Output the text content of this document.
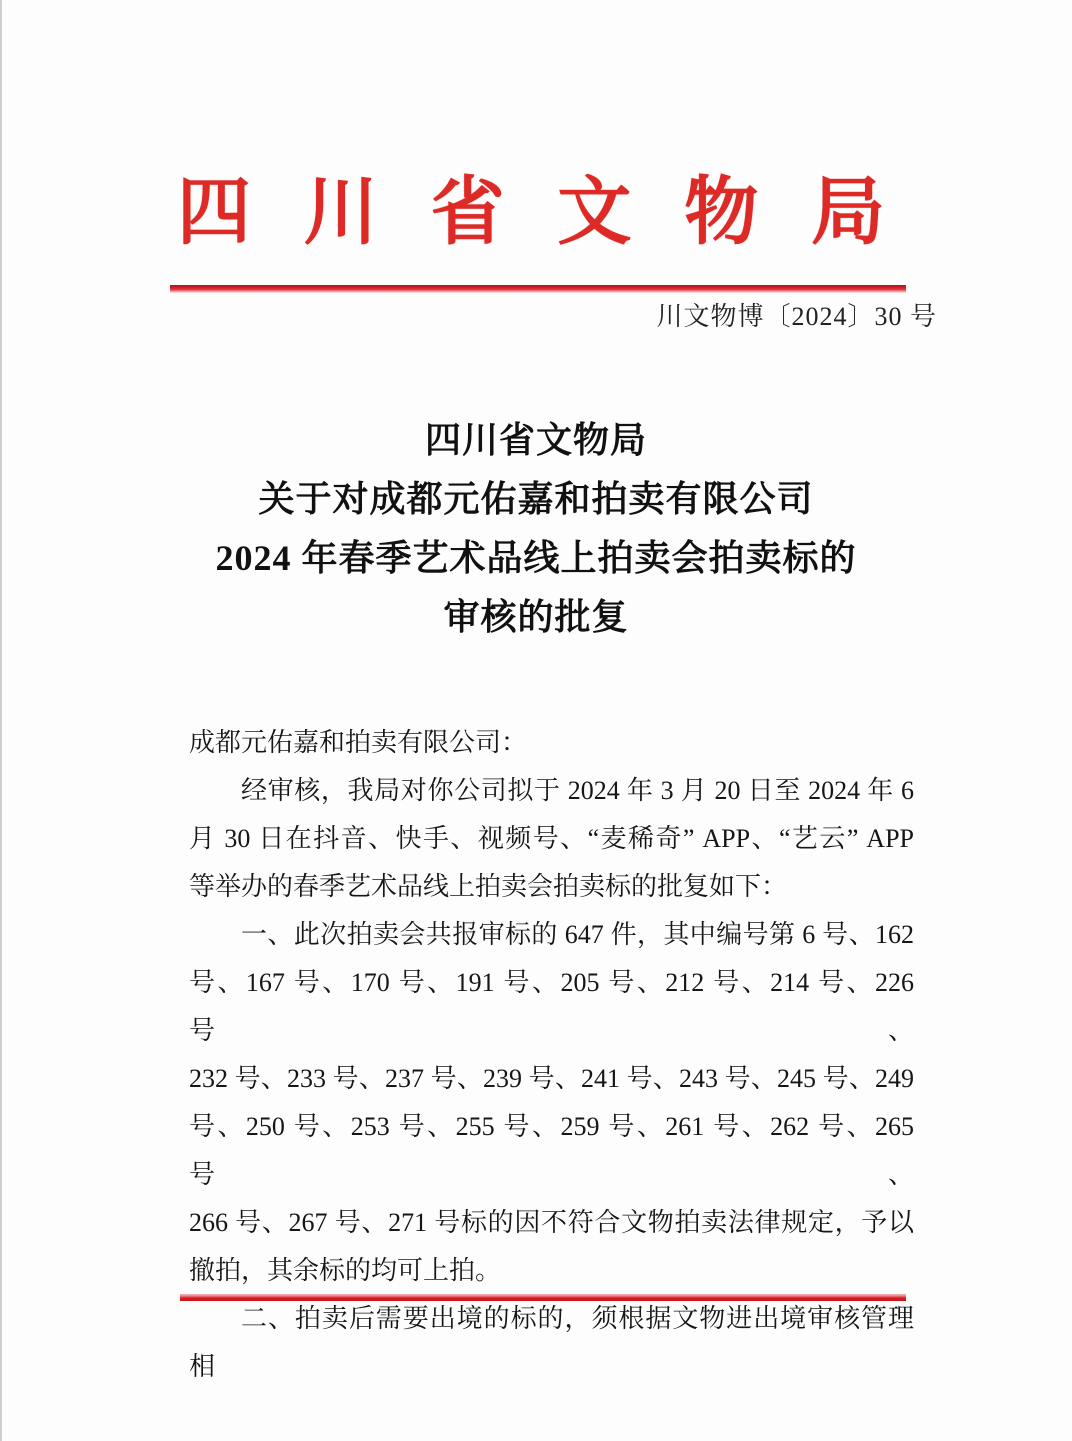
四 川 省 文 物 局
川文物博〔2024〕30 号
四川省文物局
关于对成都元佑嘉和拍卖有限公司
2024 年春季艺术品线上拍卖会拍卖标的
审核的批复
成都元佑嘉和拍卖有限公司：
经审核，我局对你公司拟于 2024 年 3 月 20 日至 2024 年 6
月 30 日在抖音、快手、视频号、“麦稀奇” APP、“艺云” APP
等举办的春季艺术品线上拍卖会拍卖标的批复如下：
一、此次拍卖会共报审标的 647 件，其中编号第 6 号、162
号、167 号、170 号、191 号、205 号、212 号、214 号、226 号、
232 号、233 号、237 号、239 号、241 号、243 号、245 号、249
号、250 号、253 号、255 号、259 号、261 号、262 号、265 号、
266 号、267 号、271 号标的因不符合文物拍卖法律规定，予以
撤拍，其余标的均可上拍。
二、拍卖后需要出境的标的，须根据文物进出境审核管理相
